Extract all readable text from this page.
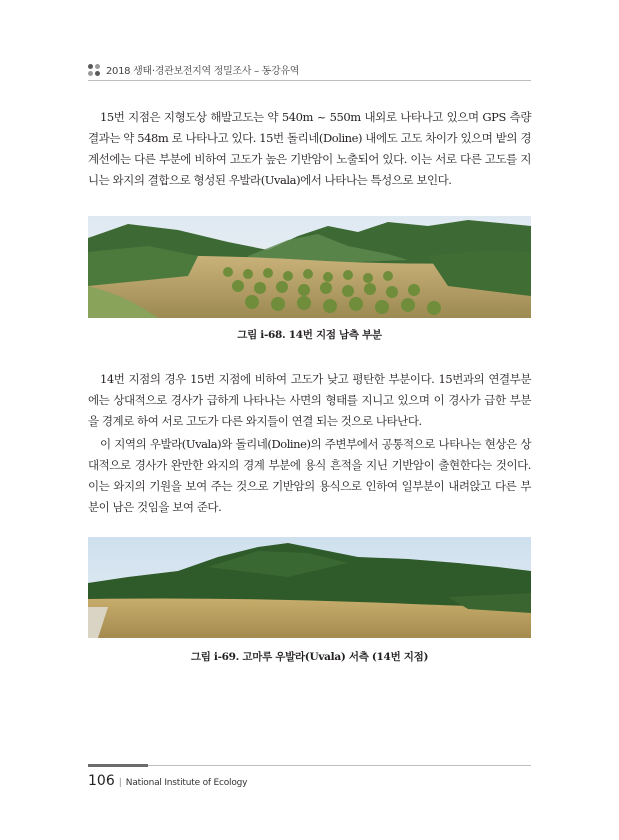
2018 생태·경관보전지역 정밀조사 – 동강유역

15번 지점은 지형도상 해발고도는 약 540m ~ 550m 내외로 나타나고 있으며 GPS 측량 결과는 약 548m 로 나타나고 있다. 15번 돌리네(Doline) 내에도 고도 차이가 있으며 밭의 경계선에는 다른 부분에 비하여 고도가 높은 기반암이 노출되어 있다. 이는 서로 다른 고도를 지니는 와지의 결합으로 형성된 우발라(Uvala)에서 나타나는 특성으로 보인다.

그림 i-68. 14번 지점 남측 부분

14번 지점의 경우 15번 지점에 비하여 고도가 낮고 평탄한 부분이다. 15번과의 연결부분에는 상대적으로 경사가 급하게 나타나는 사면의 형태를 지니고 있으며 이 경사가 급한 부분을 경계로 하여 서로 고도가 다른 와지들이 연결 되는 것으로 나타난다.

이 지역의 우발라(Uvala)와 돌리네(Doline)의 주변부에서 공통적으로 나타나는 현상은 상대적으로 경사가 완만한 와지의 경계 부분에 용식 흔적을 지닌 기반암이 출현한다는 것이다. 이는 와지의 기원을 보여 주는 것으로 기반암의 용식으로 인하여 일부분이 내려앉고 다른 부분이 남은 것임을 보여 준다.

그림 i-69. 고마루 우발라(Uvala) 서측 (14번 지점)
106 | National Institute of Ecology
